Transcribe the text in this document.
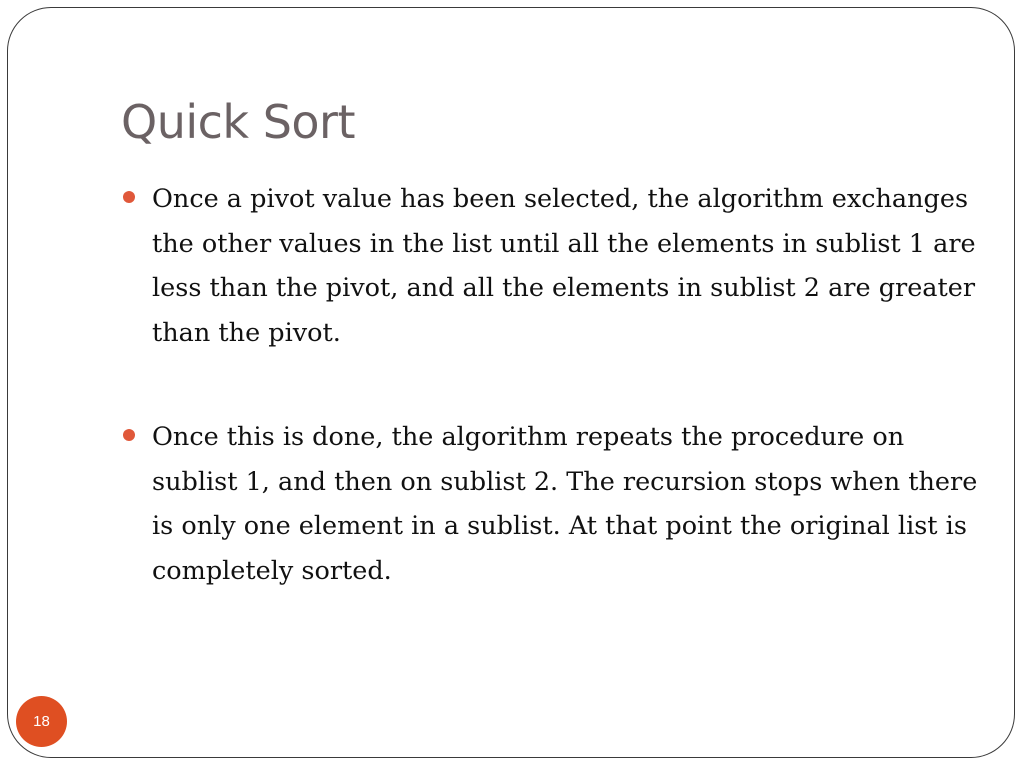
Quick Sort
Once a pivot value has been selected, the algorithm exchanges the other values in the list until all the elements in sublist 1 are less than the pivot, and all the elements in sublist 2 are greater than the pivot.
Once this is done, the algorithm repeats the procedure on sublist 1, and then on sublist 2. The recursion stops when there is only one element in a sublist. At that point the original list is completely sorted.
18
